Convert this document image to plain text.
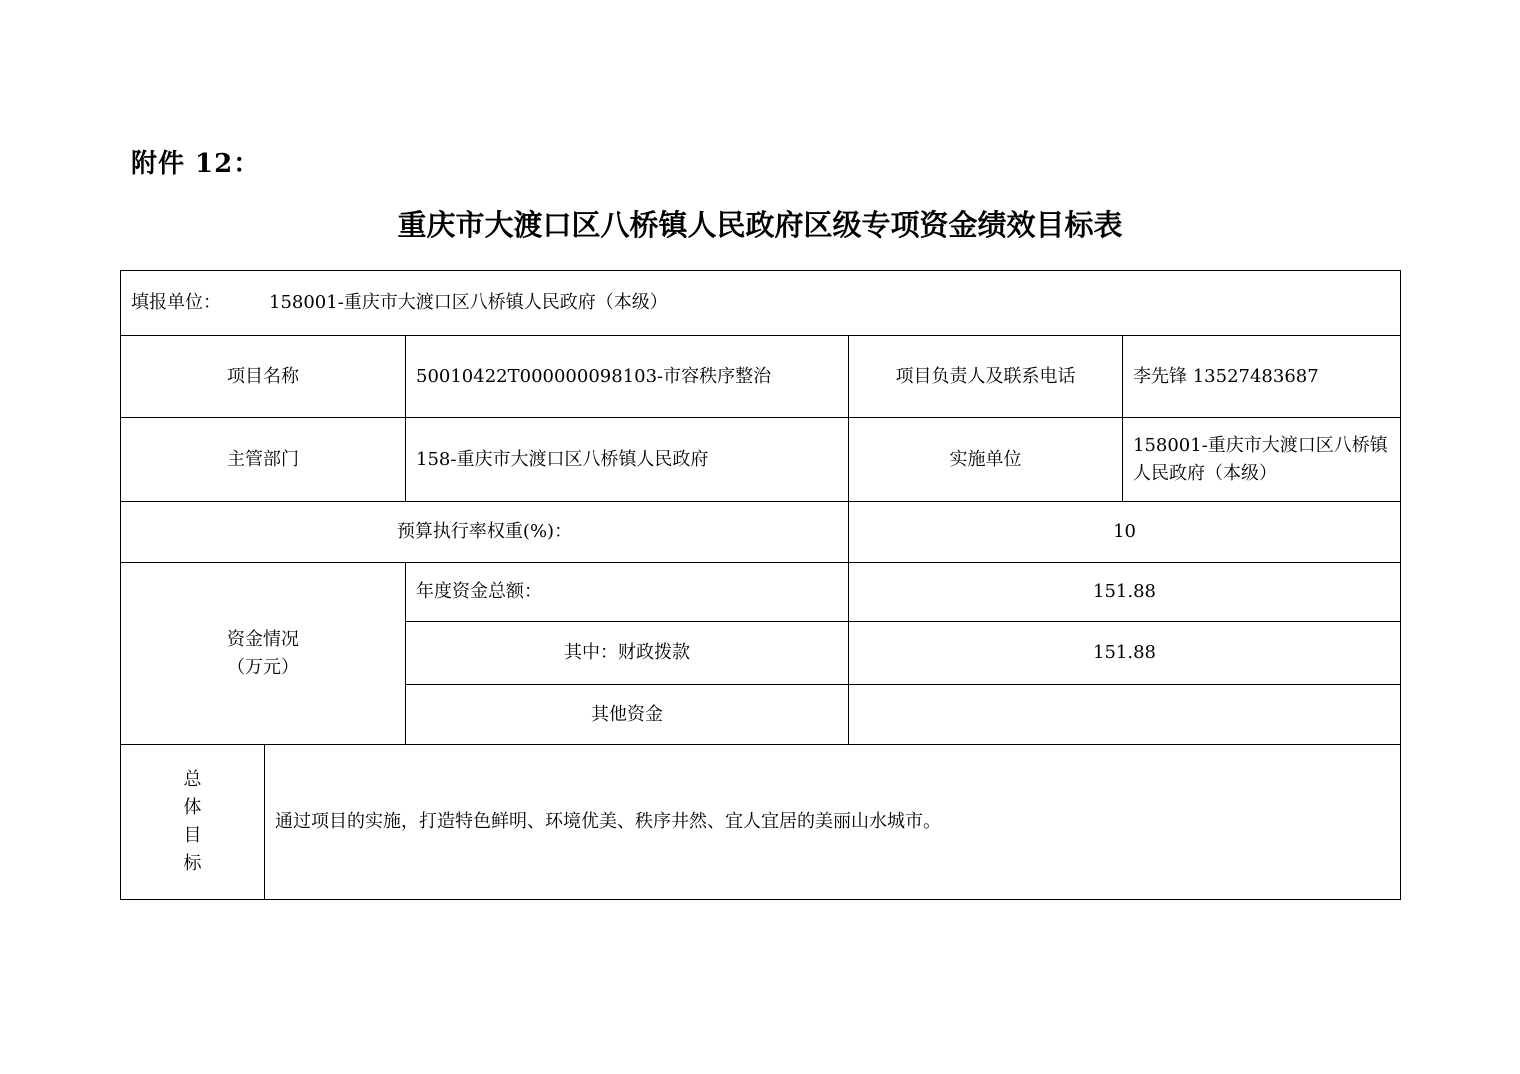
附件 12：
重庆市大渡口区八桥镇人民政府区级专项资金绩效目标表
填报单位： 158001-重庆市大渡口区八桥镇人民政府（本级）				
项目名称		50010422T000000098103-市容秩序整治	项目负责人及联系电话	李先锋 13527483687
主管部门		158-重庆市大渡口区八桥镇人民政府	实施单位	158001-重庆市大渡口区八桥镇人民政府（本级）
预算执行率权重(%)：			10	

资金情况
（万元）		年度资金总额：	151.88	
		其中：财政拨款	151.88	
		其他资金		

总
体
目
标	通过项目的实施，打造特色鲜明、环境优美、秩序井然、宜人宜居的美丽山水城市。			
